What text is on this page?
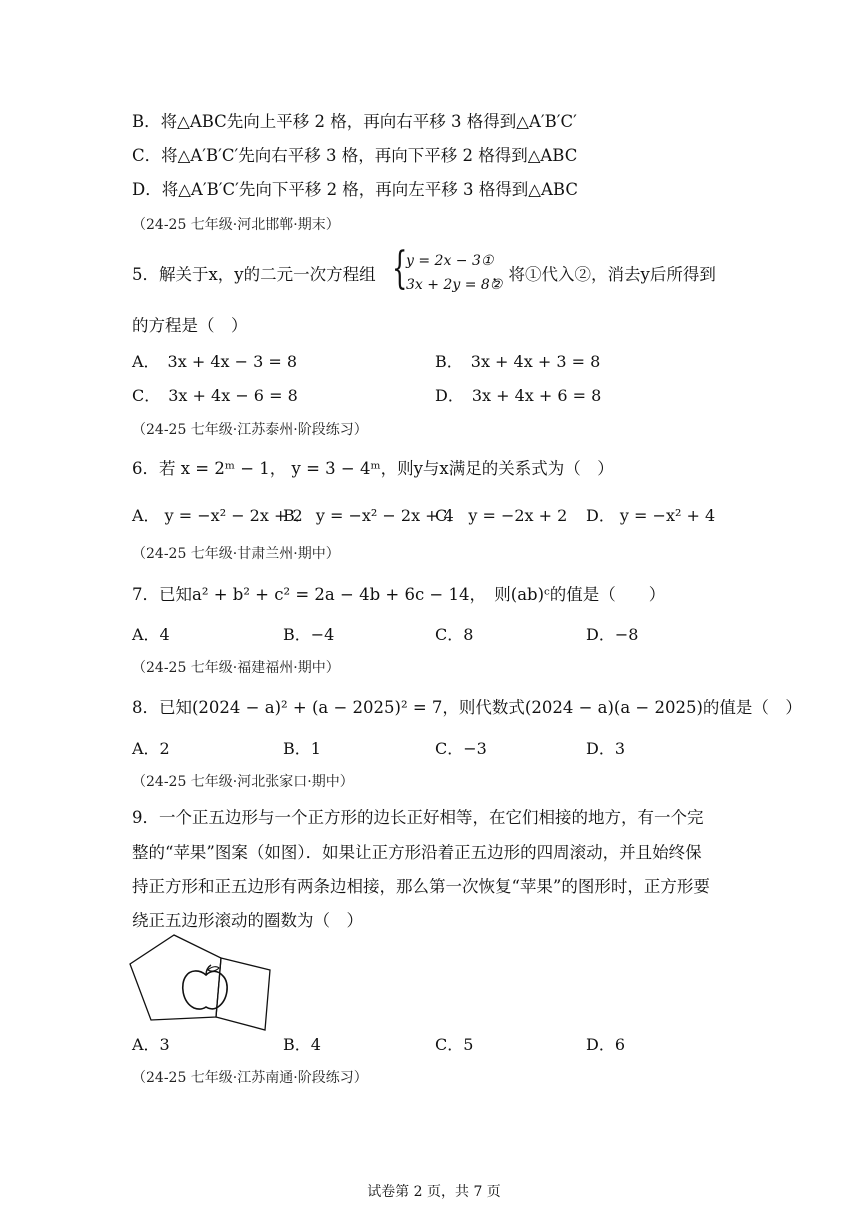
B．将△ABC先向上平移 2 格，再向右平移 3 格得到△A′B′C′
C．将△A′B′C′先向右平移 3 格，再向下平移 2 格得到△ABC
D．将△A′B′C′先向下平移 2 格，再向左平移 3 格得到△ABC
（24-25 七年级·河北邯郸·期末）
5．解关于x，y的二元一次方程组 {
y = 2x − 3①
3x + 2y = 8②
，将①代入②，消去y后所得到
的方程是（　）
A．　3x + 4x − 3 = 8	B．　3x + 4x + 3 = 8
C．　3x + 4x − 6 = 8	D．　3x + 4x + 6 = 8
（24-25 七年级·江苏泰州·阶段练习）
6．若 x = 2ᵐ − 1， y = 3 − 4ᵐ，则y与x满足的关系式为（　）
A． y = −x² − 2x + 2
B． y = −x² − 2x + 4
C． y = −2x + 2 D． y = −x² + 4
（24-25 七年级·甘肃兰州·期中）
7．已知a² + b² + c² = 2a − 4b + 6c − 14，　则(ab)ᶜ的值是（　　）
A．4	B．−4	C．8	D．−8
（24-25 七年级·福建福州·期中）
8．已知(2024 − a)² + (a − 2025)² = 7，则代数式(2024 − a)(a − 2025)的值是（　）
A．2	B．1	C．−3	D．3
（24-25 七年级·河北张家口·期中）
9．一个正五边形与一个正方形的边长正好相等，在它们相接的地方，有一个完
整的“苹果”图案（如图）．如果让正方形沿着正五边形的四周滚动，并且始终保
持正方形和正五边形有两条边相接，那么第一次恢复“苹果”的图形时，正方形要
绕正五边形滚动的圈数为（　）
A．3	B．4	C．5	D．6
（24-25 七年级·江苏南通·阶段练习）
试卷第 2 页，共 7 页
